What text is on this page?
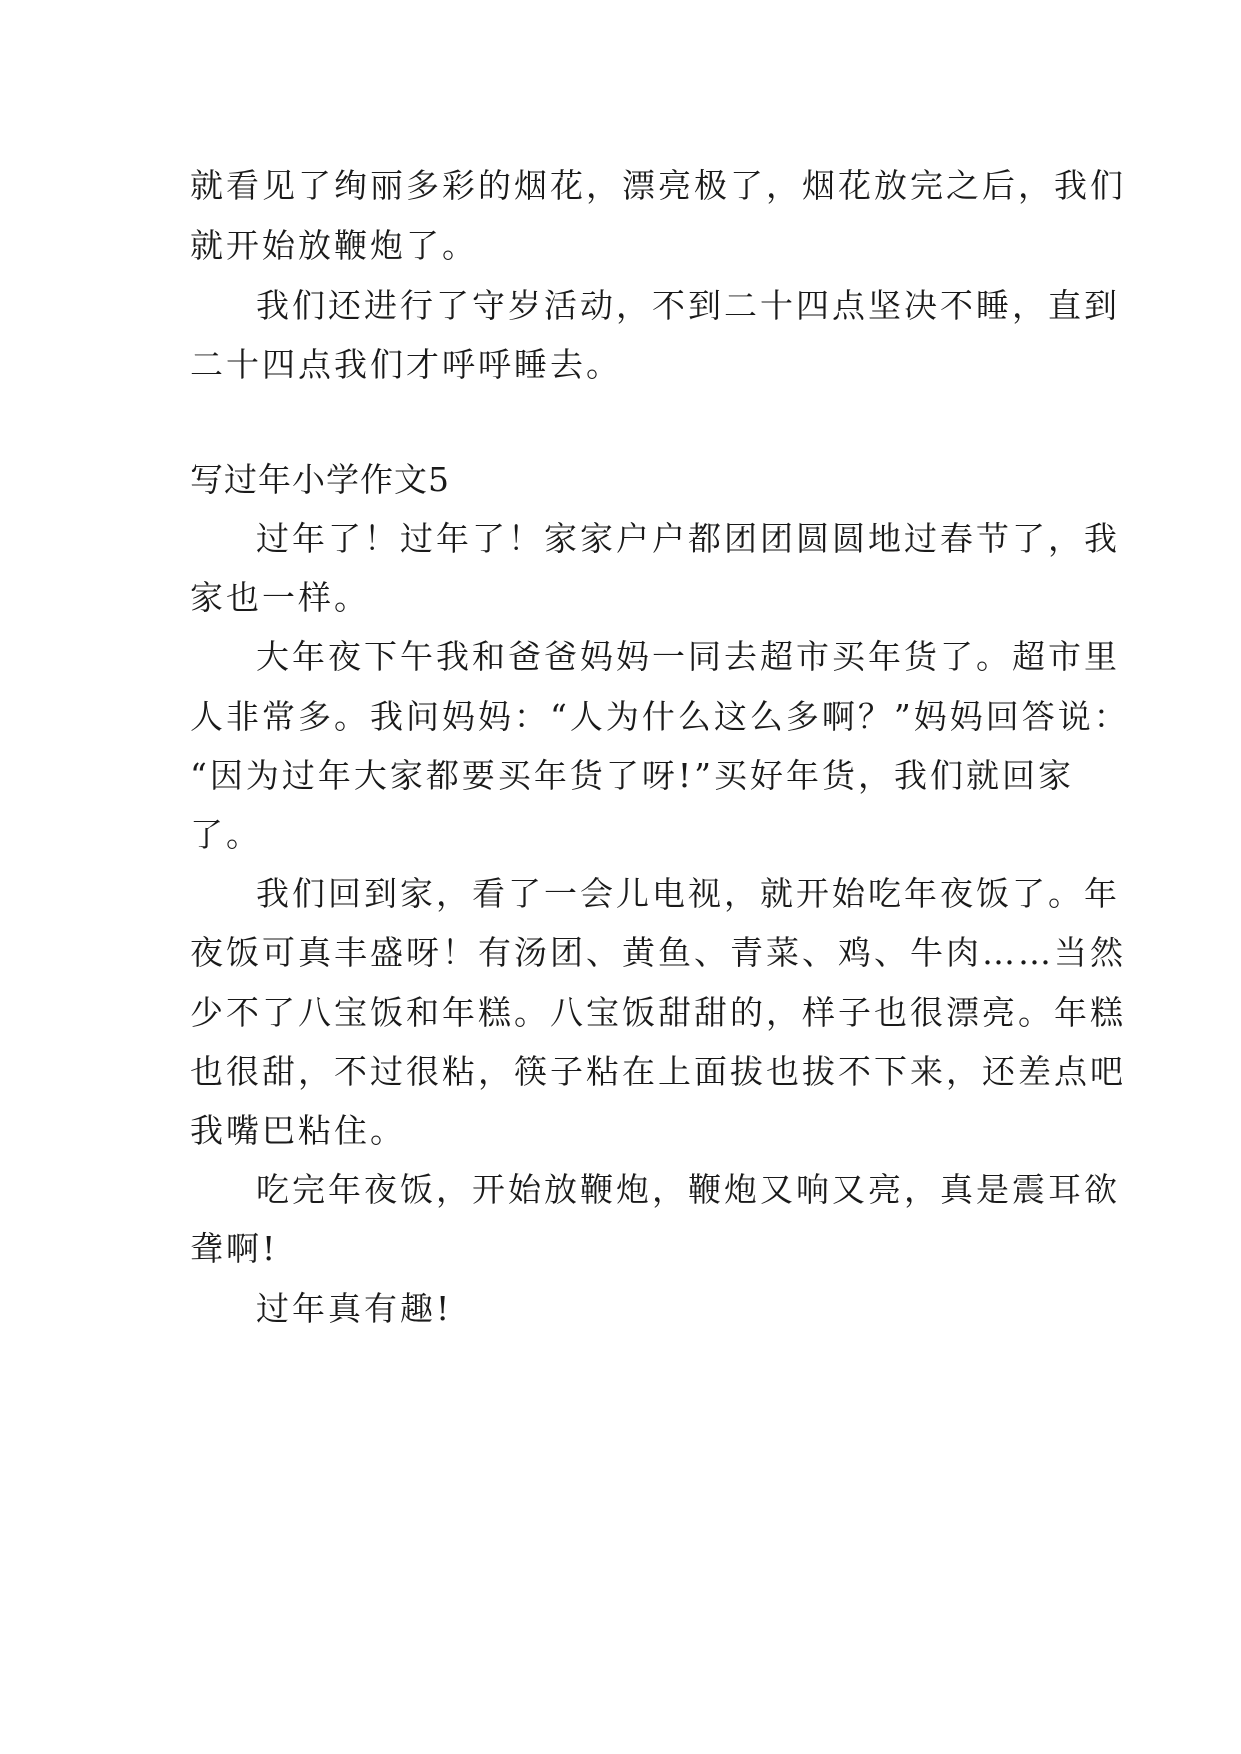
就看见了绚丽多彩的烟花，漂亮极了，烟花放完之后，我们
就开始放鞭炮了。
我们还进行了守岁活动，不到二十四点坚决不睡，直到
二十四点我们才呼呼睡去。
写过年小学作文5
过年了！过年了！家家户户都团团圆圆地过春节了，我
家也一样。
大年夜下午我和爸爸妈妈一同去超市买年货了。超市里
人非常多。我问妈妈：“人为什么这么多啊？”妈妈回答说：
“因为过年大家都要买年货了呀!”买好年货，我们就回家
了。
我们回到家，看了一会儿电视，就开始吃年夜饭了。年
夜饭可真丰盛呀！有汤团、黄鱼、青菜、鸡、牛肉……当然
少不了八宝饭和年糕。八宝饭甜甜的，样子也很漂亮。年糕
也很甜，不过很粘，筷子粘在上面拔也拔不下来，还差点吧
我嘴巴粘住。
吃完年夜饭，开始放鞭炮，鞭炮又响又亮，真是震耳欲
聋啊!
过年真有趣!
